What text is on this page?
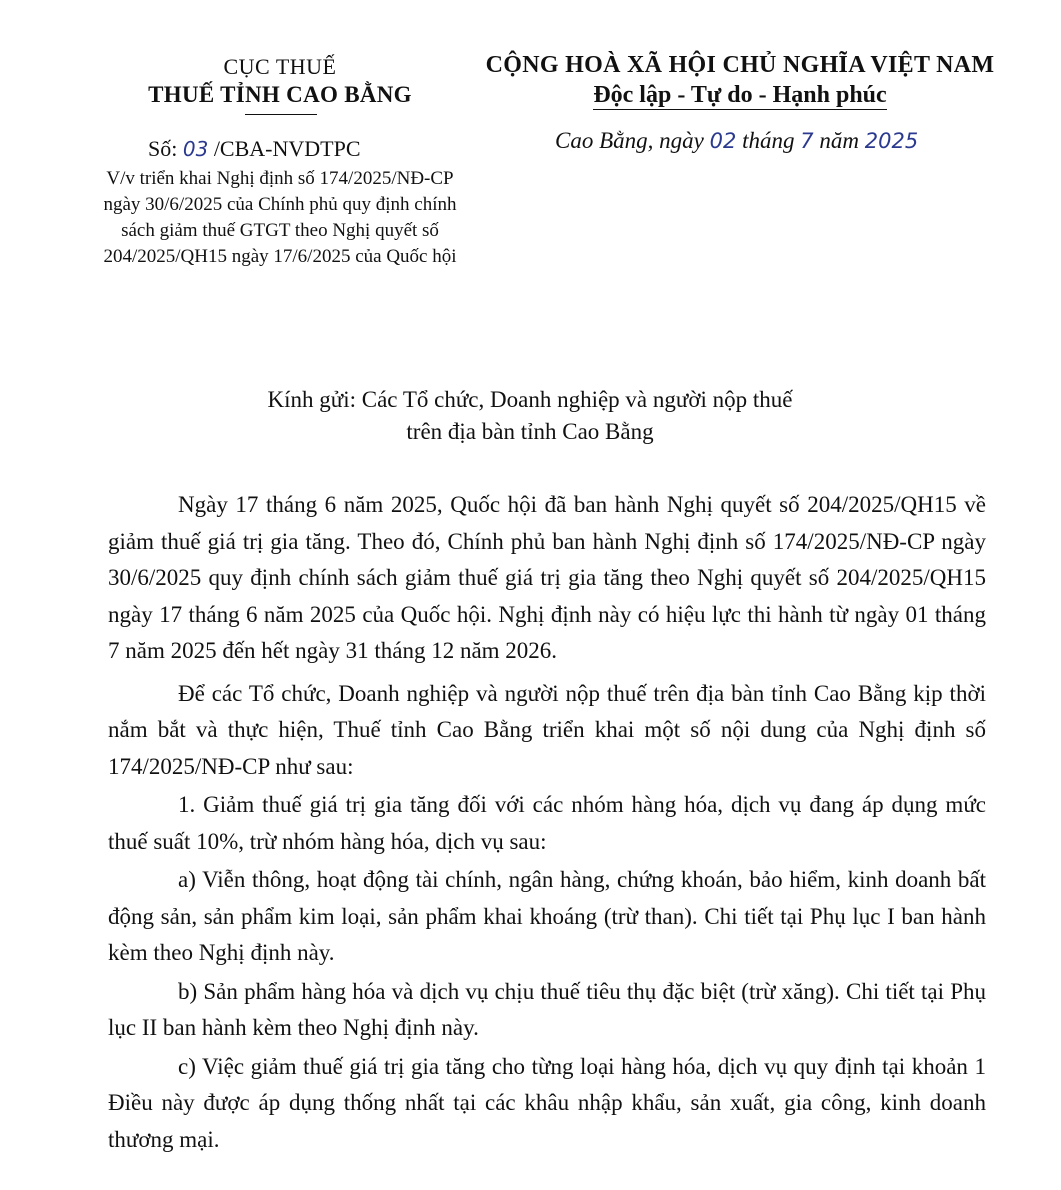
CỤC THUẾ
THUẾ TỈNH CAO BẰNG
CỘNG HOÀ XÃ HỘI CHỦ NGHĨA VIỆT NAM
Độc lập - Tự do - Hạnh phúc
Số: 03 /CBA-NVDTPC	Cao Bằng, ngày 02 tháng 7 năm 2025
V/v triển khai Nghị định số 174/2025/NĐ-CP ngày 30/6/2025 của Chính phủ quy định chính sách giảm thuế GTGT theo Nghị quyết số 204/2025/QH15 ngày 17/6/2025 của Quốc hội
Kính gửi: Các Tổ chức, Doanh nghiệp và người nộp thuế
trên địa bàn tỉnh Cao Bằng

Ngày 17 tháng 6 năm 2025, Quốc hội đã ban hành Nghị quyết số 204/2025/QH15 về giảm thuế giá trị gia tăng. Theo đó, Chính phủ ban hành Nghị định số 174/2025/NĐ-CP ngày 30/6/2025 quy định chính sách giảm thuế giá trị gia tăng theo Nghị quyết số 204/2025/QH15 ngày 17 tháng 6 năm 2025 của Quốc hội. Nghị định này có hiệu lực thi hành từ ngày 01 tháng 7 năm 2025 đến hết ngày 31 tháng 12 năm 2026.

Để các Tổ chức, Doanh nghiệp và người nộp thuế trên địa bàn tỉnh Cao Bằng kịp thời nắm bắt và thực hiện, Thuế tỉnh Cao Bằng triển khai một số nội dung của Nghị định số 174/2025/NĐ-CP như sau:

1. Giảm thuế giá trị gia tăng đối với các nhóm hàng hóa, dịch vụ đang áp dụng mức thuế suất 10%, trừ nhóm hàng hóa, dịch vụ sau:

a) Viễn thông, hoạt động tài chính, ngân hàng, chứng khoán, bảo hiểm, kinh doanh bất động sản, sản phẩm kim loại, sản phẩm khai khoáng (trừ than). Chi tiết tại Phụ lục I ban hành kèm theo Nghị định này.

b) Sản phẩm hàng hóa và dịch vụ chịu thuế tiêu thụ đặc biệt (trừ xăng). Chi tiết tại Phụ lục II ban hành kèm theo Nghị định này.

c) Việc giảm thuế giá trị gia tăng cho từng loại hàng hóa, dịch vụ quy định tại khoản 1 Điều này được áp dụng thống nhất tại các khâu nhập khẩu, sản xuất, gia công, kinh doanh thương mại.
